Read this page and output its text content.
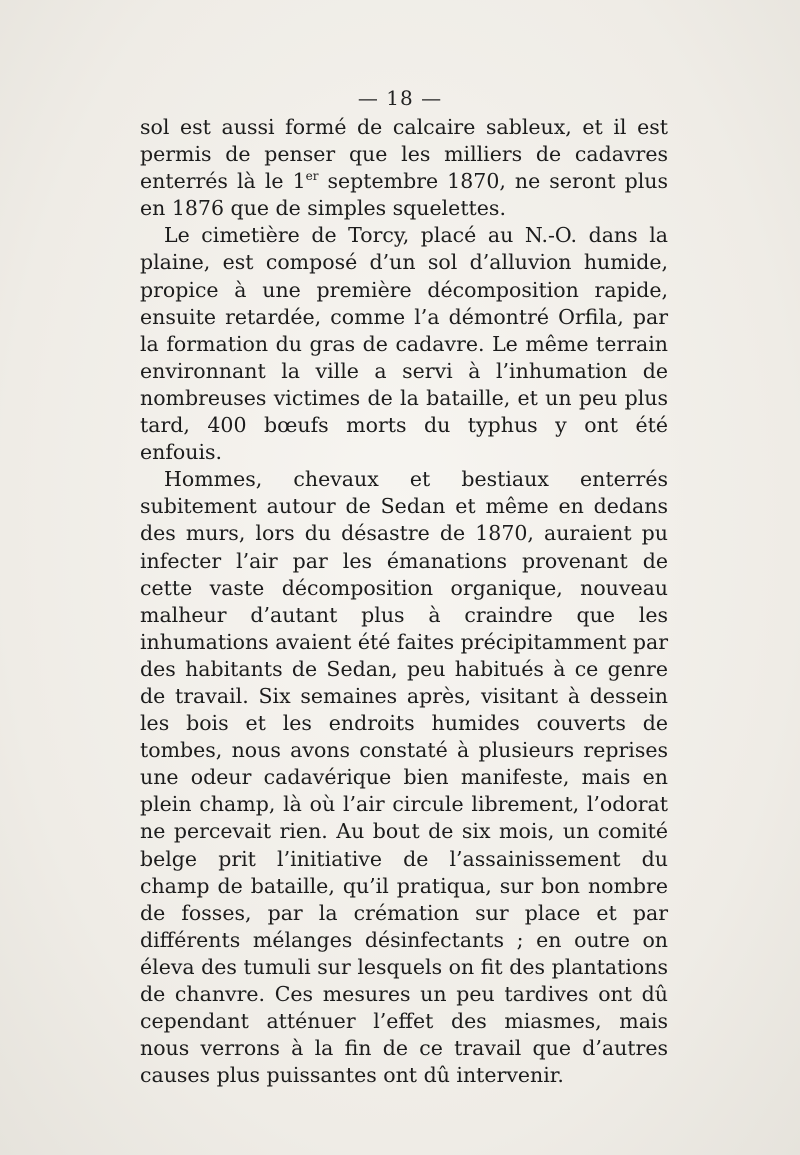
— 18 —

sol est aussi formé de calcaire sableux, et il est permis de penser que les milliers de cadavres enterrés là le 1er septembre 1870, ne seront plus en 1876 que de simples squelettes.

Le cimetière de Torcy, placé au N.-O. dans la plaine, est composé d’un sol d’alluvion humide, propice à une première décomposition rapide, ensuite retardée, comme l’a démontré Orfila, par la formation du gras de cadavre. Le même terrain environnant la ville a servi à l’inhumation de nombreuses victimes de la bataille, et un peu plus tard, 400 bœufs morts du typhus y ont été enfouis.

Hommes, chevaux et bestiaux enterrés subitement autour de Sedan et même en dedans des murs, lors du désastre de 1870, auraient pu infecter l’air par les émanations provenant de cette vaste décomposition organique, nouveau malheur d’autant plus à craindre que les inhumations avaient été faites précipitamment par des habitants de Sedan, peu habitués à ce genre de travail. Six semaines après, visitant à dessein les bois et les endroits humides couverts de tombes, nous avons constaté à plusieurs reprises une odeur cadavérique bien manifeste, mais en plein champ, là où l’air circule librement, l’odorat ne percevait rien. Au bout de six mois, un comité belge prit l’initiative de l’assainissement du champ de bataille, qu’il pratiqua, sur bon nombre de fosses, par la crémation sur place et par différents mélanges désinfectants ; en outre on éleva des tumuli sur lesquels on fit des plantations de chanvre. Ces mesures un peu tardives ont dû cependant atténuer l’effet des miasmes, mais nous verrons à la fin de ce travail que d’autres causes plus puissantes ont dû intervenir.
